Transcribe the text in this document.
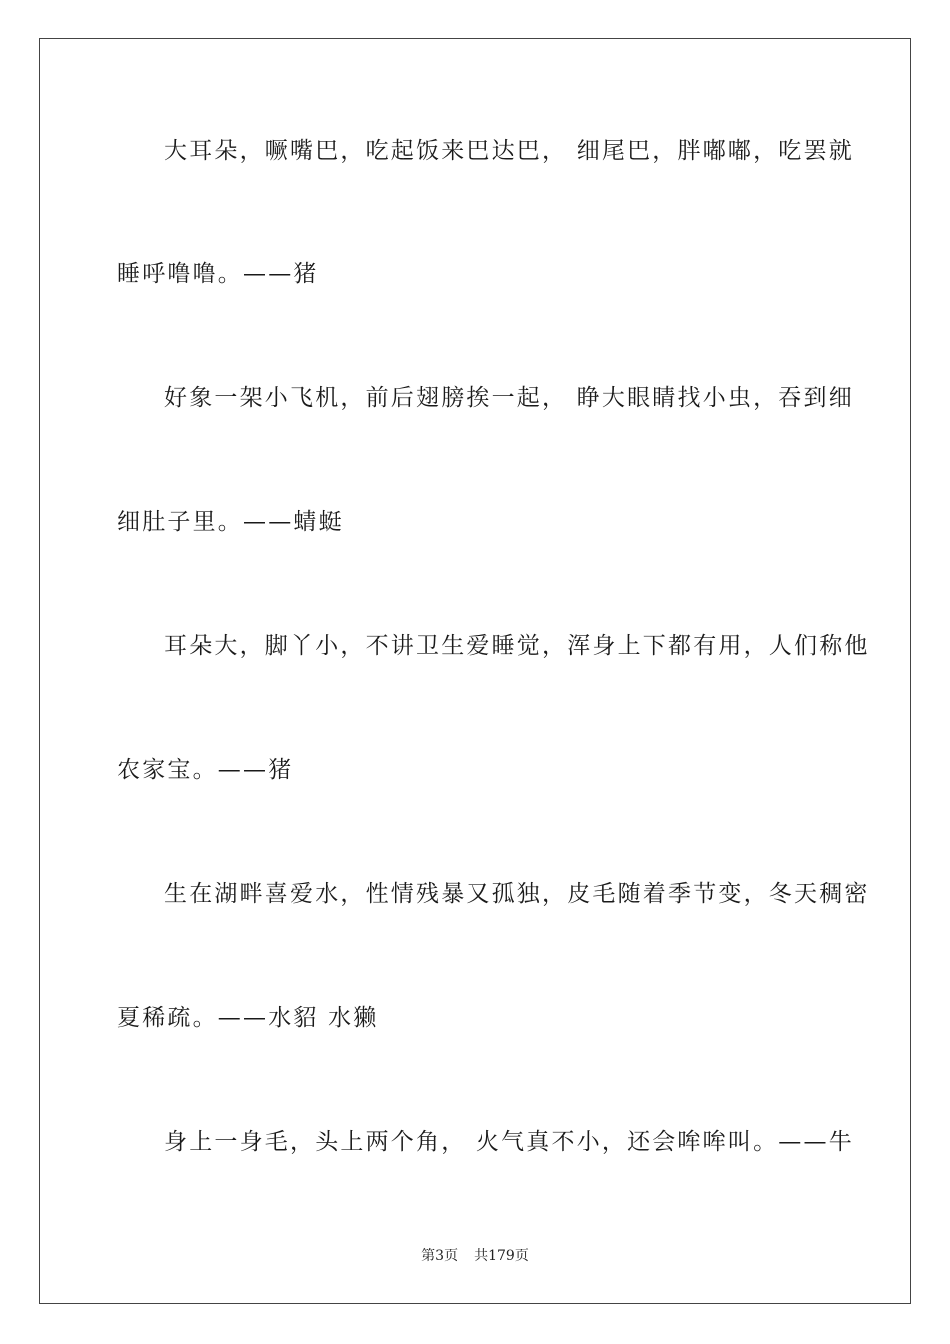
大耳朵，噘嘴巴，吃起饭来巴达巴， 细尾巴，胖嘟嘟，吃罢就
睡呼噜噜。——猪
好象一架小飞机，前后翅膀挨一起， 睁大眼睛找小虫，吞到细
细肚子里。——蜻蜓
耳朵大，脚丫小，不讲卫生爱睡觉，浑身上下都有用，人们称他
农家宝。——猪
生在湖畔喜爱水，性情残暴又孤独，皮毛随着季节变，冬天稠密
夏稀疏。——水貂 水獭
身上一身毛，头上两个角， 火气真不小，还会哞哞叫。——牛
第3页 共179页
